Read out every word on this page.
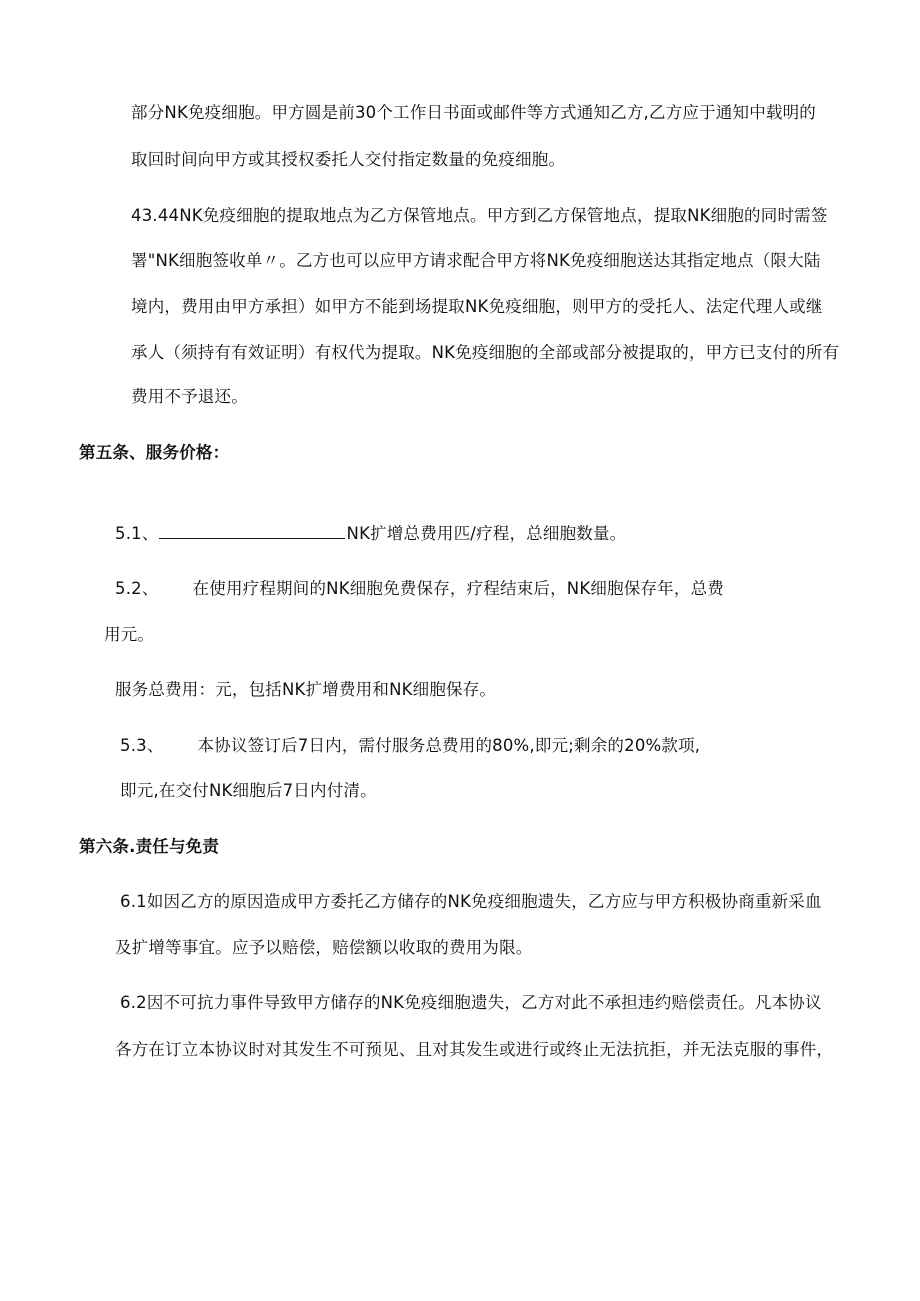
部分NK免疫细胞。甲方圆是前30个工作日书面或邮件等方式通知乙方,乙方应于通知中载明的
取回时间向甲方或其授权委托人交付指定数量的免疫细胞。
43.44NK免疫细胞的提取地点为乙方保管地点。甲方到乙方保管地点，提取NK细胞的同时需签
署"NK细胞签收单〃。乙方也可以应甲方请求配合甲方将NK免疫细胞送达其指定地点（限大陆
境内，费用由甲方承担）如甲方不能到场提取NK免疫细胞，则甲方的受托人、法定代理人或继
承人（须持有有效证明）有权代为提取。NK免疫细胞的全部或部分被提取的，甲方已支付的所有
费用不予退还。
第五条、服务价格：
5.1、	NK扩增总费用匹/疗程，总细胞数量。
5.2、 在使用疗程期间的NK细胞免费保存，疗程结束后，NK细胞保存年，总费
用元。
服务总费用：元，包括NK扩增费用和NK细胞保存。
5.3、 本协议签订后7日内，需付服务总费用的80%,即元;剩余的20%款项,
即元,在交付NK细胞后7日内付清。
第六条.责任与免责
6.1如因乙方的原因造成甲方委托乙方储存的NK免疫细胞遗失，乙方应与甲方积极协商重新采血
及扩增等事宜。应予以赔偿，赔偿额以收取的费用为限。
6.2因不可抗力事件导致甲方储存的NK免疫细胞遗失，乙方对此不承担违约赔偿责任。凡本协议
各方在订立本协议时对其发生不可预见、且对其发生或进行或终止无法抗拒，并无法克服的事件，
